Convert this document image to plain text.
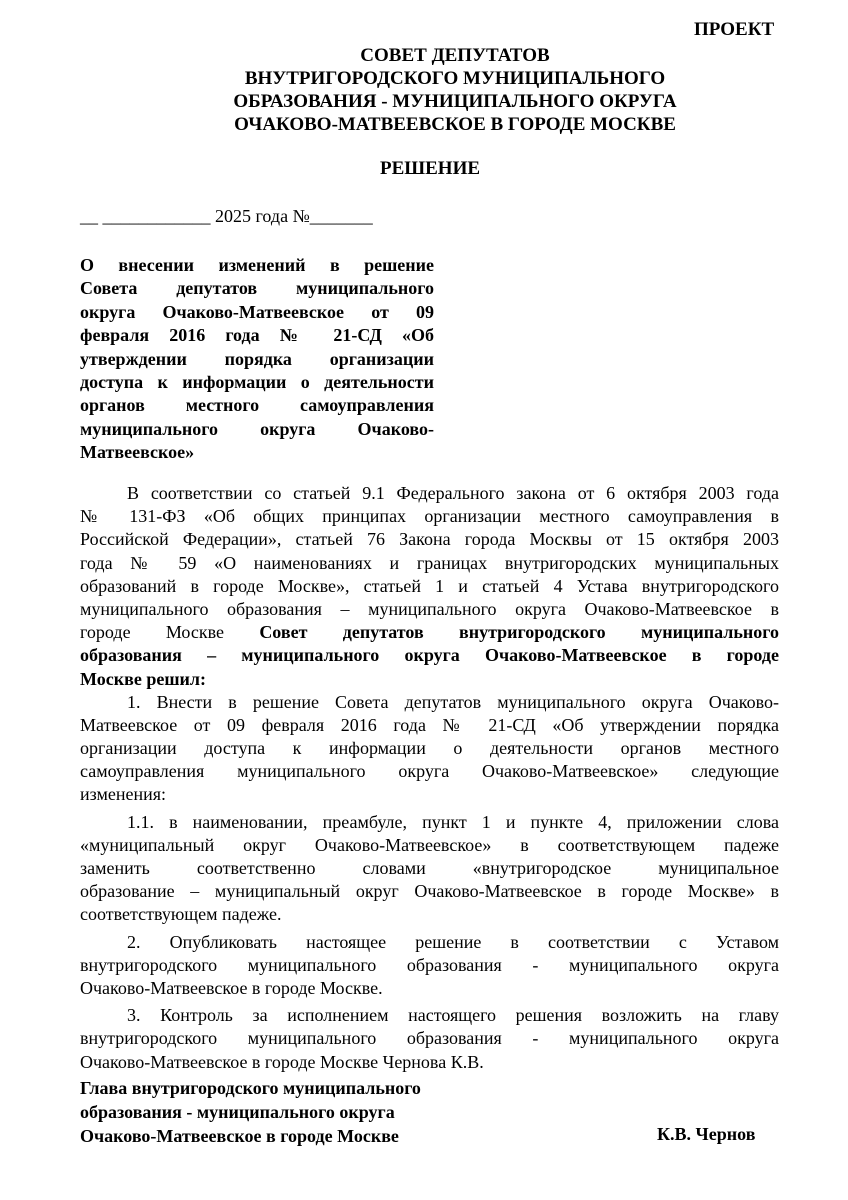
ПРОЕКТ
СОВЕТ ДЕПУТАТОВ
ВНУТРИГОРОДСКОГО МУНИЦИПАЛЬНОГО
ОБРАЗОВАНИЯ - МУНИЦИПАЛЬНОГО ОКРУГА
ОЧАКОВО-МАТВЕЕВСКОЕ В ГОРОДЕ МОСКВЕ
РЕШЕНИЕ
__ ____________ 2025 года №_______
О внесении изменений в решение
Совета депутатов муниципального
округа Очаково-Матвеевское от 09
февраля 2016 года № 21-СД «Об
утверждении порядка организации
доступа к информации о деятельности
органов местного самоуправления
муниципального округа Очаково-
Матвеевское»
В соответствии со статьей 9.1 Федерального закона от 6 октября 2003 года
№ 131-ФЗ «Об общих принципах организации местного самоуправления в
Российской Федерации», статьей 76 Закона города Москвы от 15 октября 2003
года № 59 «О наименованиях и границах внутригородских муниципальных
образований в городе Москве», статьей 1 и статьей 4 Устава внутригородского
муниципального образования – муниципального округа Очаково-Матвеевское в
городе Москве Совет депутатов внутригородского муниципального
образования – муниципального округа Очаково-Матвеевское в городе
Москве решил:
1. Внести в решение Совета депутатов муниципального округа Очаково-
Матвеевское от 09 февраля 2016 года № 21-СД «Об утверждении порядка
организации доступа к информации о деятельности органов местного
самоуправления муниципального округа Очаково-Матвеевское» следующие
изменения:
1.1. в наименовании, преамбуле, пункт 1 и пункте 4, приложении слова
«муниципальный округ Очаково-Матвеевское» в соответствующем падеже
заменить соответственно словами «внутригородское муниципальное
образование – муниципальный округ Очаково-Матвеевское в городе Москве» в
соответствующем падеже.
2. Опубликовать настоящее решение в соответствии с Уставом
внутригородского муниципального образования - муниципального округа
Очаково-Матвеевское в городе Москве.
3. Контроль за исполнением настоящего решения возложить на главу
внутригородского муниципального образования - муниципального округа
Очаково-Матвеевское в городе Москве Чернова К.В.
Глава внутригородского муниципального
образования - муниципального округа
Очаково-Матвеевское в городе Москве	К.В. Чернов
